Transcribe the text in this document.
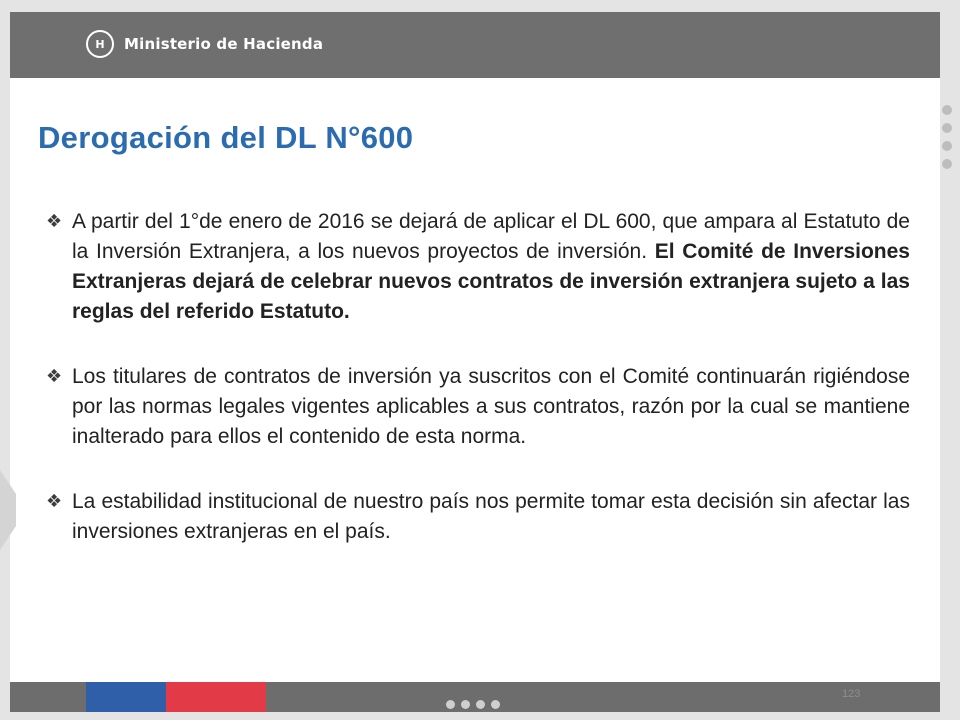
H	Ministerio de Hacienda
Derogación del DL N°600
❖ A partir del 1°de enero de 2016 se dejará de aplicar el DL 600, que ampara al Estatuto de la Inversión Extranjera, a los nuevos proyectos de inversión. El Comité de Inversiones Extranjeras dejará de celebrar nuevos contratos de inversión extranjera sujeto a las reglas del referido Estatuto.
❖ Los titulares de contratos de inversión ya suscritos con el Comité continuarán rigiéndose por las normas legales vigentes aplicables a sus contratos, razón por la cual se mantiene inalterado para ellos el contenido de esta norma.
❖ La estabilidad institucional de nuestro país nos permite tomar esta decisión sin afectar las inversiones extranjeras en el país.
123
